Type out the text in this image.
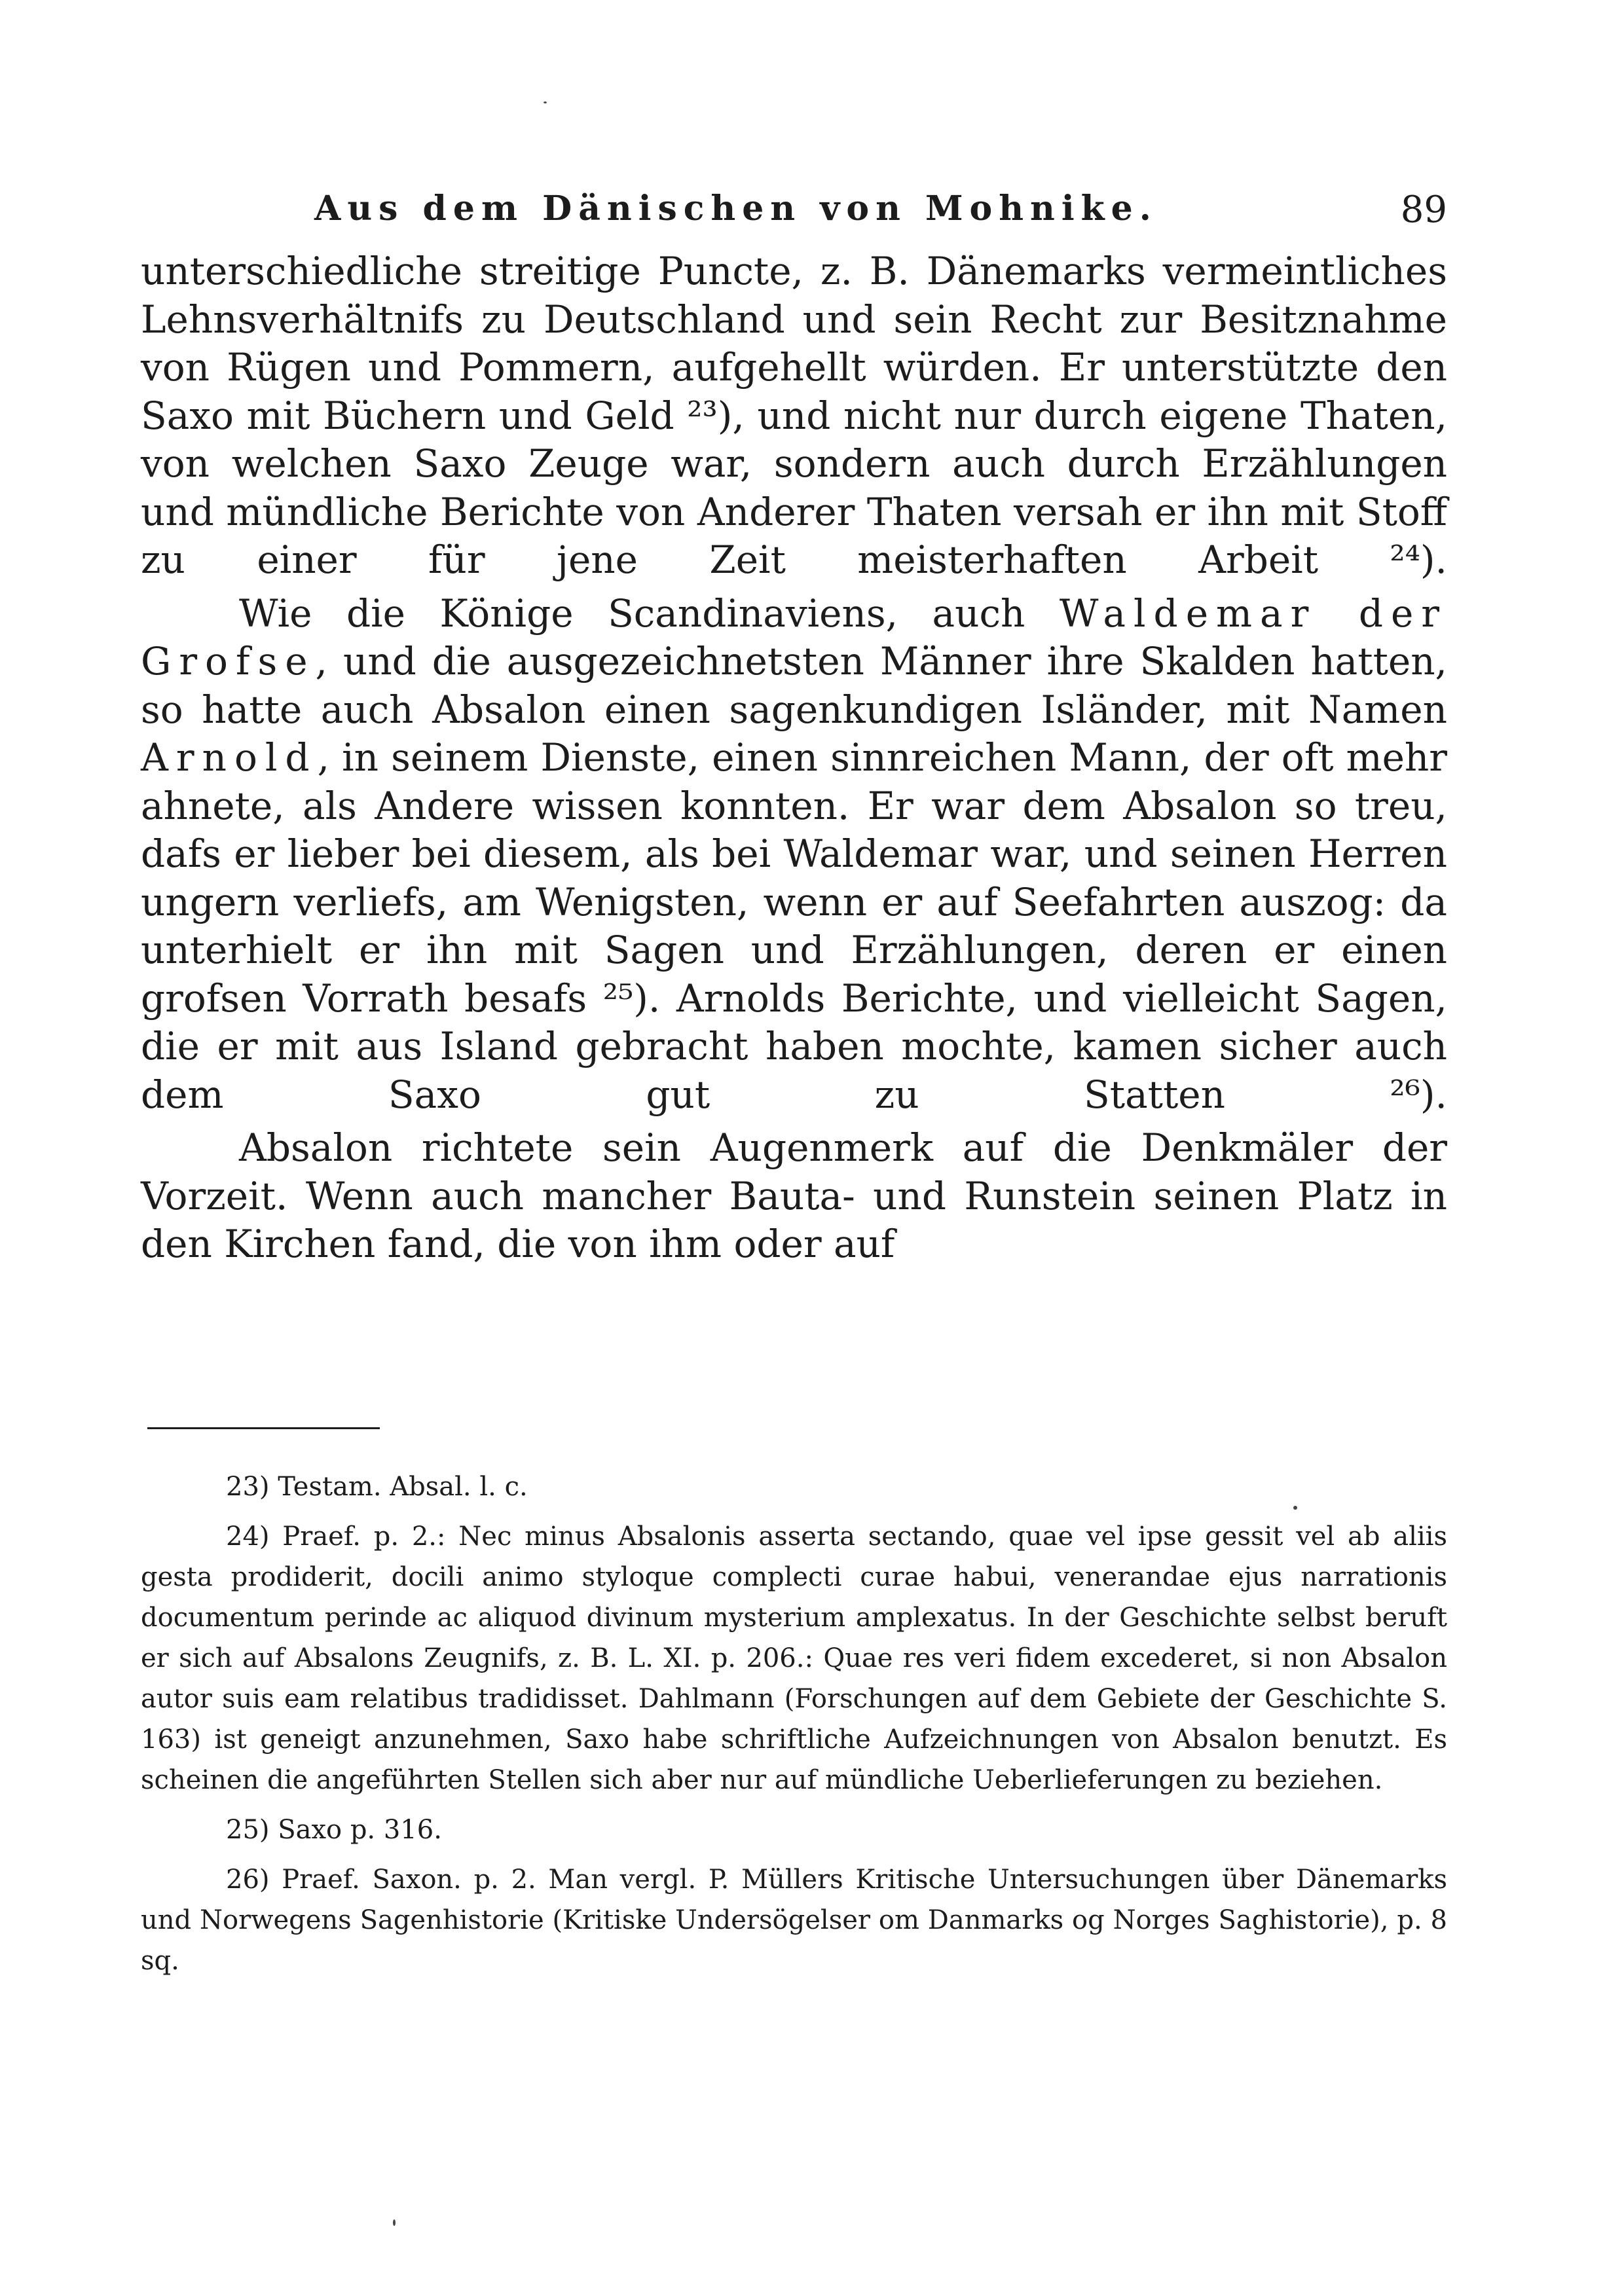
Aus dem Dänischen von Mohnike.	89

unterschiedliche streitige Puncte, z. B. Dänemarks vermeintliches Lehnsverhältnifs zu Deutschland und sein Recht zur Besitznahme von Rügen und Pommern, aufgehellt würden. Er unterstützte den Saxo mit Büchern und Geld ²³), und nicht nur durch eigene Thaten, von welchen Saxo Zeuge war, sondern auch durch Erzählungen und mündliche Berichte von Anderer Thaten versah er ihn mit Stoff zu einer für jene Zeit meisterhaften Arbeit ²⁴).

Wie die Könige Scandinaviens, auch Waldemar der Grofse, und die ausgezeichnetsten Männer ihre Skalden hatten, so hatte auch Absalon einen sagenkundigen Isländer, mit Namen Arnold, in seinem Dienste, einen sinnreichen Mann, der oft mehr ahnete, als Andere wissen konnten. Er war dem Absalon so treu, dafs er lieber bei diesem, als bei Waldemar war, und seinen Herren ungern verliefs, am Wenigsten, wenn er auf Seefahrten auszog: da unterhielt er ihn mit Sagen und Erzählungen, deren er einen grofsen Vorrath besafs ²⁵). Arnolds Berichte, und vielleicht Sagen, die er mit aus Island gebracht haben mochte, kamen sicher auch dem Saxo gut zu Statten ²⁶).

Absalon richtete sein Augenmerk auf die Denkmäler der Vorzeit. Wenn auch mancher Bauta- und Runstein seinen Platz in den Kirchen fand, die von ihm oder auf

23) Testam. Absal. l. c.

24) Praef. p. 2.: Nec minus Absalonis asserta sectando, quae vel ipse gessit vel ab aliis gesta prodiderit, docili animo styloque complecti curae habui, venerandae ejus narrationis documentum perinde ac aliquod divinum mysterium amplexatus. In der Geschichte selbst beruft er sich auf Absalons Zeugnifs, z. B. L. XI. p. 206.: Quae res veri fidem excederet, si non Absalon autor suis eam relatibus tradidisset. Dahlmann (Forschungen auf dem Gebiete der Geschichte S. 163) ist geneigt anzunehmen, Saxo habe schriftliche Aufzeichnungen von Absalon benutzt. Es scheinen die angeführten Stellen sich aber nur auf mündliche Ueberlieferungen zu beziehen.

25) Saxo p. 316.

26) Praef. Saxon. p. 2. Man vergl. P. Müllers Kritische Untersuchungen über Dänemarks und Norwegens Sagenhistorie (Kritiske Undersögelser om Danmarks og Norges Saghistorie), p. 8 sq.
